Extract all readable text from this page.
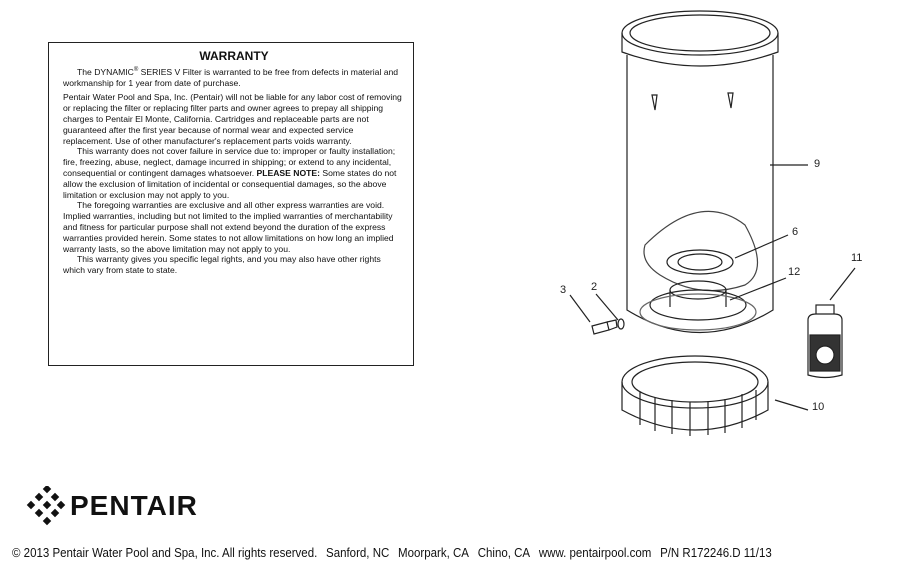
WARRANTY

The DYNAMIC® SERIES V Filter is warranted to be free from defects in material and workmanship for 1 year from date of purchase.

Pentair Water Pool and Spa, Inc. (Pentair) will not be liable for any labor cost of removing or replacing the filter or replacing filter parts and owner agrees to prepay all shipping charges to Pentair El Monte, California. Cartridges and replaceable parts are not guaranteed after the first year because of normal wear and expected service replacement. Use of other manufacturer's replacement parts voids warranty.

This warranty does not cover failure in service due to: improper or faulty installation; fire, freezing, abuse, neglect, damage incurred in shipping; or extend to any incidental, consequential or contingent damages whatsoever. PLEASE NOTE: Some states do not allow the exclusion of limitation of incidental or consequential damages, so the above limitation or exclusion may not apply to you.

The foregoing warranties are exclusive and all other express warranties are void. Implied warranties, including but not limited to the implied warranties of merchantability and fitness for particular purpose shall not extend beyond the duration of the express warranties provided herein. Some states to not allow limitations on how long an implied warranty lasts, so the above limitation may not apply to you.

This warranty gives you specific legal rights, and you may also have other rights which vary from state to state.

9
6
11
12
3 2
10
PENTAIR
© 2013 Pentair Water Pool and Spa, Inc. All rights reserved. Sanford, NC Moorpark, CA Chino, CA www. pentairpool.com P/N R172246.D 11/13
